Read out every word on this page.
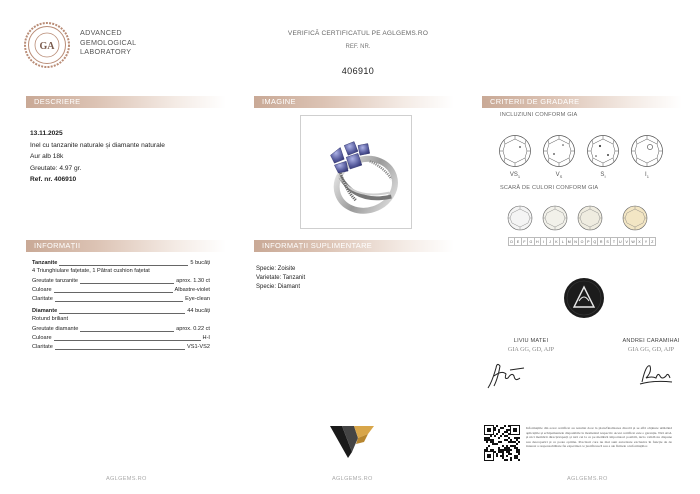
GA
ADVANCED
GEMOLOGICAL
LABORATORY
VERIFICĂ CERTIFICATUL PE AGLGEMS.RO
REF. NR.
406910
DESCRIERE	IMAGINE	CRITERII DE GRADARE
INFORMAȚII	INFORMAȚII SUPLIMENTARE
13.11.2025
Inel cu tanzanite naturale și diamante naturale
Aur alb 18k
Greutate: 4.97 gr.
Ref. nr. 406910
INCLUZIUNI CONFORM GIA
$VS_1$	$V_S$	$S_I$	$I_1$
SCARĂ DE CULORI CONFORM GIA
D	E	F	G	H	I	J	K	L	M N	O	P	Q	R	S	T	U	V W X	Y	Z
Tanzanite	5 bucăți
4 Triunghiulare fațetate, 1 Pătrat cushion fațetat
Greutate tanzanite	aprox. 1.30 ct
Culoare	Albastre-violet
Claritate	Eye-clean
Diamante	44 bucăți
Rotund briliant
Greutate diamante	aprox. 0.22 ct
Culoare	H-I
Claritate	VS1-VS2
Specie: Zoisite
Varietate: Tanzanit
Specie: Diamant
LIVIU MATEI
GIA GG, GD, AJP
ANDREI CARAMIHAI
GIA GG, GD, AJP
AGLGEMS.RO	AGLGEMS.RO	AGLGEMS.RO
Informațiile din acest certificat au rezultat doar la plata/finalizarea directă și se află obținute utilizând aplicațiile și echipamentele disponibile la momentul respectiv. Acest certificat este o garanție. Nici AGL și nici membrii direcți/experți și nici cei la ce pe membrii importatori posibili, nicio validă nu dispune sau descoperiri și ce poate optime. Precizari care nu mai sunt autorizate exclusive în funcție de de interest a responsabilitate fie expertizei ce justificare/ă sau a ale firmele a informațiilor.
